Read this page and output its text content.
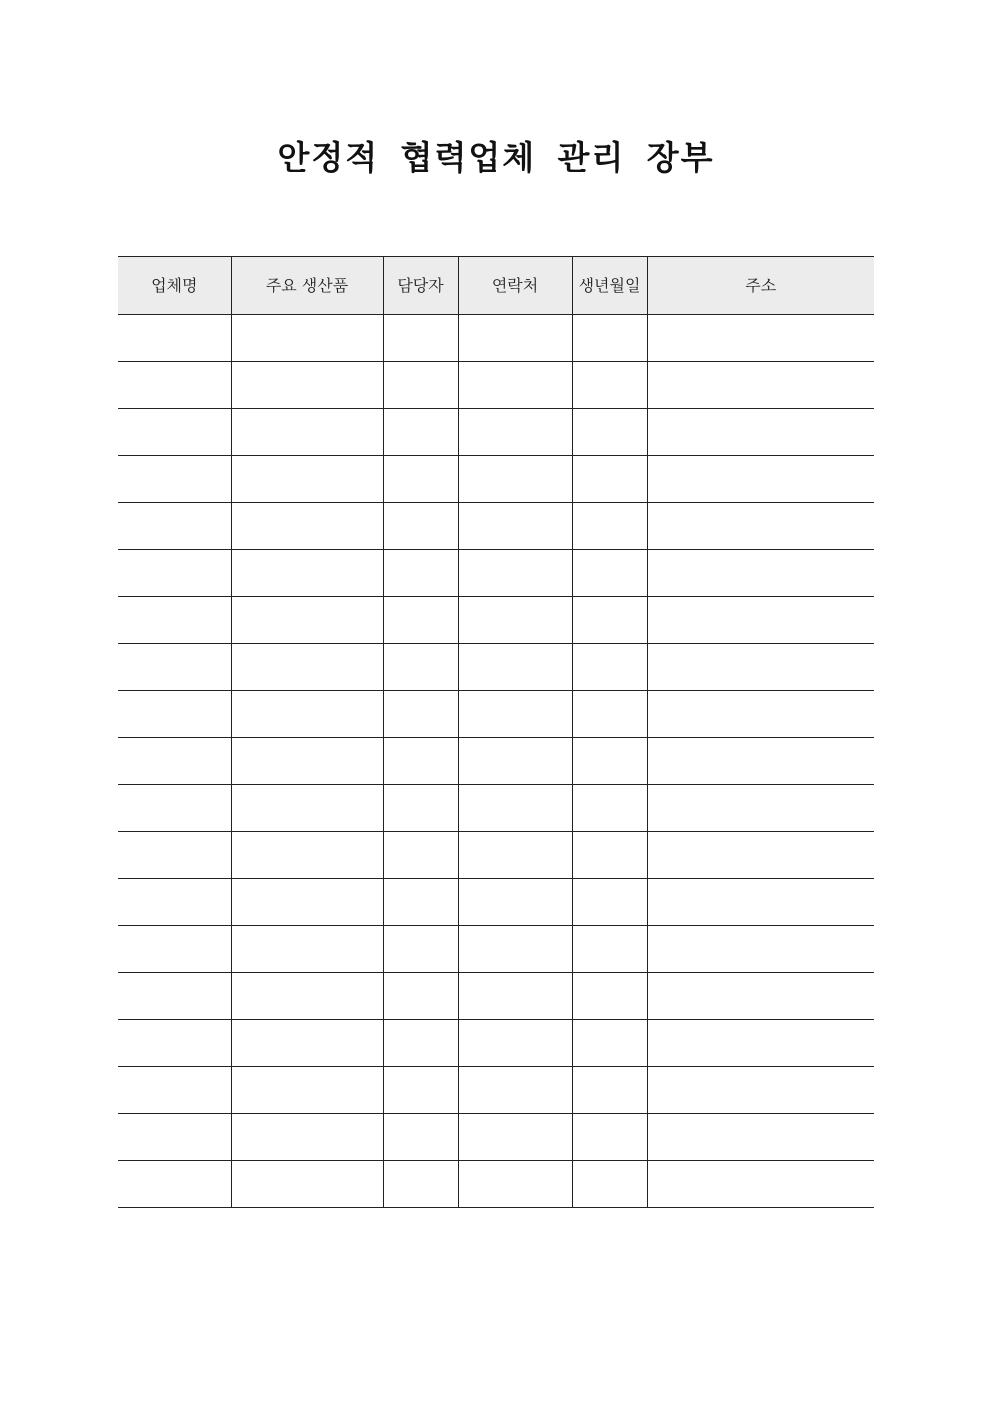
안정적 협력업체 관리 장부
업체명	주요 생산품	담당자	연락처	생년월일	주소
